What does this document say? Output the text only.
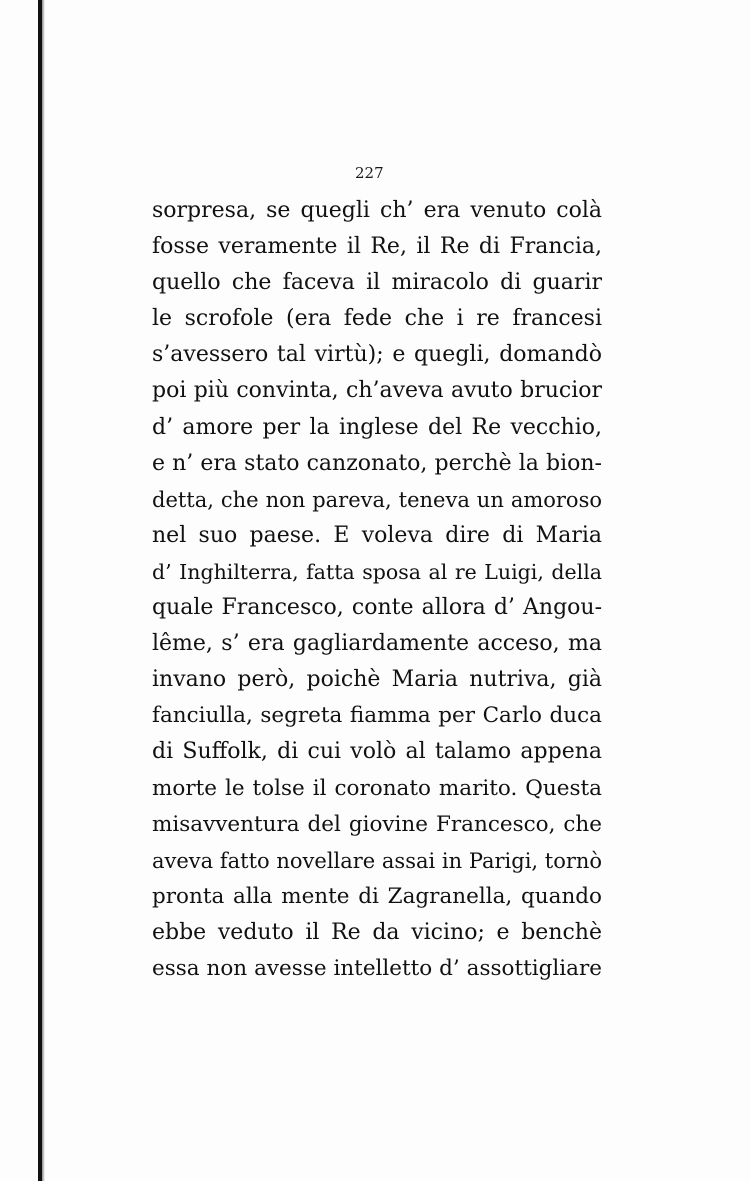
227
sorpresa, se quegli ch’ era venuto colà
fosse veramente il Re, il Re di Francia,
quello che faceva il miracolo di guarir
le scrofole (era fede che i re francesi
s’avessero tal virtù); e quegli, domandò
poi più convinta, ch’aveva avuto brucior
d’ amore per la inglese del Re vecchio,
e n’ era stato canzonato, perchè la bion-
detta, che non pareva, teneva un amoroso
nel suo paese. E voleva dire di Maria
d’ Inghilterra, fatta sposa al re Luigi, della
quale Francesco, conte allora d’ Angou-
lême, s’ era gagliardamente acceso, ma
invano però, poichè Maria nutriva, già
fanciulla, segreta fiamma per Carlo duca
di Suffolk, di cui volò al talamo appena
morte le tolse il coronato marito. Questa
misavventura del giovine Francesco, che
aveva fatto novellare assai in Parigi, tornò
pronta alla mente di Zagranella, quando
ebbe veduto il Re da vicino; e benchè
essa non avesse intelletto d’ assottigliare
